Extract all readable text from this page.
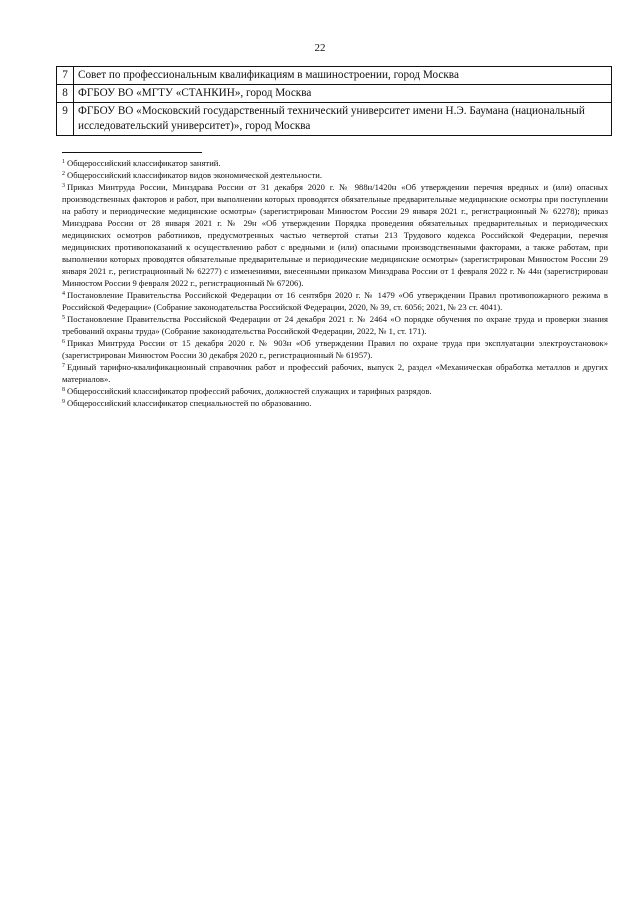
22
7	Совет по профессиональным квалификациям в машиностроении, город Москва
8	ФГБОУ ВО «МГТУ «СТАНКИН», город Москва
9	ФГБОУ ВО «Московский государственный технический университет имени Н.Э. Баумана (национальный исследовательский университет)», город Москва

$^1$ Общероссийский классификатор занятий.

$^2$ Общероссийский классификатор видов экономической деятельности.

$^3$ Приказ Минтруда России, Минздрава России от 31 декабря 2020 г. № 988н/1420н «Об утверждении перечня вредных и (или) опасных производственных факторов и работ, при выполнении которых проводятся обязательные предварительные медицинские осмотры при поступлении на работу и периодические медицинские осмотры» (зарегистрирован Минюстом России 29 января 2021 г., регистрационный № 62278); приказ Минздрава России от 28 января 2021 г. № 29н «Об утверждении Порядка проведения обязательных предварительных и периодических медицинских осмотров работников, предусмотренных частью четвертой статьи 213 Трудового кодекса Российской Федерации, перечня медицинских противопоказаний к осуществлению работ с вредными и (или) опасными производственными факторами, а также работам, при выполнении которых проводятся обязательные предварительные и периодические медицинские осмотры» (зарегистрирован Минюстом России 29 января 2021 г., регистрационный № 62277) с изменениями, внесенными приказом Минздрава России от 1 февраля 2022 г. № 44н (зарегистрирован Минюстом России 9 февраля 2022 г., регистрационный № 67206).

$^4$ Постановление Правительства Российской Федерации от 16 сентября 2020 г. № 1479 «Об утверждении Правил противопожарного режима в Российской Федерации» (Собрание законодательства Российской Федерации, 2020, № 39, ст. 6056; 2021, № 23 ст. 4041).

$^5$ Постановление Правительства Российской Федерации от 24 декабря 2021 г. № 2464 «О порядке обучения по охране труда и проверки знания требований охраны труда» (Собрание законодательства Российской Федерации, 2022, № 1, ст. 171).

$^6$ Приказ Минтруда России от 15 декабря 2020 г. № 903н «Об утверждении Правил по охране труда при эксплуатации электроустановок» (зарегистрирован Минюстом России 30 декабря 2020 г., регистрационный № 61957).

$^7$ Единый тарифно-квалификационный справочник работ и профессий рабочих, выпуск 2, раздел «Механическая обработка металлов и других материалов».

$^8$ Общероссийский классификатор профессий рабочих, должностей служащих и тарифных разрядов.

$^9$ Общероссийский классификатор специальностей по образованию.
